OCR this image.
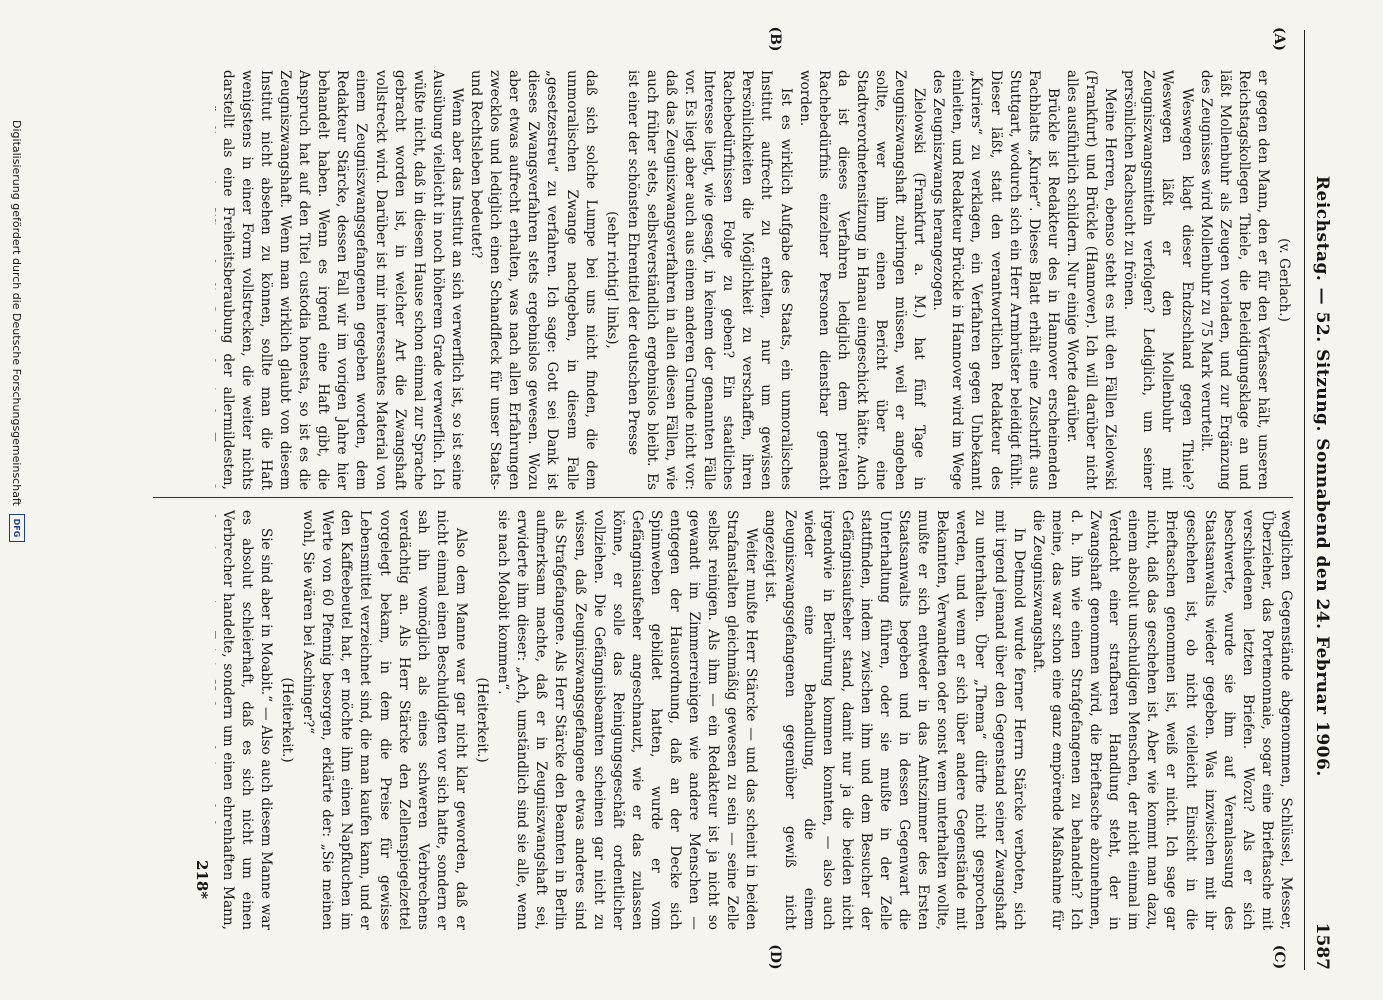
Reichstag. — 52. Sitzung. Sonnabend den 24. Februar 1906.
1587
(A)
(B)
(C)
(D)

(v. Gerlach.)

er gegen den Mann, den er für den Verfasser hält, unseren Reichstagskollegen Thiele, die Beleidigungsklage an und läßt Mollenbuhr als Zeugen vorladen, und zur Ergänzung des Zeugnisses wird Mollenbuhr zu 75 Mark verurteilt.

Weswegen klagt dieser Endzschland gegen Thiele? Weswegen läßt er den Mollenbuhr mit Zeugniszwangsmitteln verfolgen? Lediglich, um seiner persönlichen Rachsucht zu frönen.

Meine Herren, ebenso steht es mit den Fällen Zielowski (Frankfurt) und Brückle (Hannover). Ich will darüber nicht alles ausführlich schildern. Nur einige Worte darüber.

Brückle ist Redakteur des in Hannover erscheinenden Fachblatts „Kurier“. Dieses Blatt erhält eine Zuschrift aus Stuttgart, wodurch sich ein Herr Armbrüster beleidigt fühlt. Dieser läßt, statt den verantwortlichen Redakteur des „Kuriers“ zu verklagen, ein Verfahren gegen Unbekannt einleiten, und Redakteur Brückle in Hannover wird im Wege des Zeugniszwangs herangezogen.

Zielowski (Frankfurt a. M.) hat fünf Tage in Zeugniszwangshaft zubringen müssen, weil er angeben sollte, wer ihm einen Bericht über eine Stadtverordnetensitzung in Hanau eingeschickt hätte. Auch da ist dieses Verfahren lediglich dem privaten Rachebedürfnis einzelner Personen dienstbar gemacht worden.

Ist es wirklich Aufgabe des Staats, ein unmoralisches Institut aufrecht zu erhalten, nur um gewissen Persönlichkeiten die Möglichkeit zu verschaffen, ihren Rachebedürfnissen Folge zu geben? Ein staatliches Interesse liegt, wie gesagt, in keinem der genannten Fälle vor. Es liegt aber auch aus einem anderen Grunde nicht vor: daß das Zeugniszwangsverfahren in allen diesen Fällen, wie auch früher stets, selbstverständlich ergebnislos bleibt. Es ist einer der schönsten Ehrentitel der deutschen Presse

(sehr richtig! links),

daß sich solche Lumpe bei uns nicht finden, die dem unmoralischen Zwange nachgeben, in diesem Falle „gesetzestreu“ zu verfahren. Ich sage: Gott sei Dank ist dieses Zwangsverfahren stets ergebnislos gewesen. Wozu aber etwas aufrecht erhalten, was nach allen Erfahrungen zwecklos und lediglich einen Schandfleck für unser Staats- und Rechtsleben bedeutet?

Wenn aber das Institut an sich verwerflich ist, so ist seine Ausübung vielleicht in noch höherem Grade verwerflich. Ich wüßte nicht, daß in diesem Hause schon einmal zur Sprache gebracht worden ist, in welcher Art die Zwangshaft vollstreckt wird. Darüber ist mir interessantes Material von einem Zeugniszwangsgefangenen gegeben worden, dem Redakteur Stärcke, dessen Fall wir im vorigen Jahre hier behandelt haben. Wenn es irgend eine Haft gibt, die Anspruch hat auf den Titel custodia honesta, so ist es die Zeugniszwangshaft. Wenn man wirklich glaubt von diesem Institut nicht absehen zu können, sollte man die Haft wenigstens in einer Form vollstrecken, die weiter nichts darstellt als eine Freiheitsberaubung der allermildesten,

weglichen Gegenstände abgenommen, Schlüssel, Messer, Überzieher, das Portemonnaie, sogar eine Brieftasche mit verschiedenen letzten Briefen. Wozu? Als er sich beschwerte, wurde sie ihm auf Veranlassung des Staatsanwalts wieder gegeben. Was inzwischen mit ihr geschehen ist, ob nicht vielleicht Einsicht in die Brieftaschen genommen ist, weiß er nicht. Ich sage gar nicht, daß das geschehen ist. Aber wie kommt man dazu, einem absolut unschuldigen Menschen, der nicht einmal im Verdacht einer strafbaren Handlung steht, der in Zwangshaft genommen wird, die Brieftasche abzunehmen, d. h. ihn wie einen Strafgefangenen zu behandeln? Ich meine, das war schon eine ganz empörende Maßnahme für die Zeugniszwangshaft.

In Detmold wurde ferner Herrn Stärcke verboten, sich mit irgend jemand über den Gegenstand seiner Zwangshaft zu unterhalten. Über „Thema“ dürfte nicht gesprochen werden, und wenn er sich über andere Gegenstände mit Bekannten, Verwandten oder sonst wem unterhalten wollte, mußte er sich entweder in das Amtszimmer des Ersten Staatsanwalts begeben und in dessen Gegenwart die Unterhaltung führen, oder sie mußte in der Zelle stattfinden, indem zwischen ihm und dem Besucher der Gefängnisaufseher stand, damit nur ja die beiden nicht irgendwie in Berührung kommen konnten, — also auch wieder eine Behandlung, die einem Zeugniszwangsgefangenen gegenüber gewiß nicht angezeigt ist.

Weiter mußte Herr Stärcke — und das scheint in beiden Strafanstalten gleichmäßig gewesen zu sein — seine Zelle selbst reinigen. Als ihm — ein Redakteur ist ja nicht so gewandt im Zimmerreinigen wie andere Menschen — entgegen der Hausordnung, daß an der Decke sich Spinnweben gebildet hatten, wurde er vom Gefängnisaufseher angeschnauzt, wie er das zulassen könne, er solle das Reinigungsgeschäft ordentlicher vollziehen. Die Gefängnisbeamten scheinen gar nicht zu wissen, daß Zeugniszwangsgefangene etwas anderes sind als Strafgefangene. Als Herr Stärcke den Beamten in Berlin aufmerksam machte, daß er in Zeugniszwangshaft sei, erwiderte ihm dieser: „Ach, umständlich sind sie alle, wenn sie nach Moabit kommen“.

(Heiterkeit.)

Also dem Manne war gar nicht klar geworden, daß er nicht einmal einen Beschuldigten vor sich hatte, sondern er sah ihn womöglich als eines schweren Verbrechens verdächtig an. Als Herr Stärcke den Zellenspiegelzettel vorgelegt bekam, in dem die Preise für gewisse Lebensmittel verzeichnet sind, die man kaufen kann, und er den Kaffeebeutel hat, er möchte ihm einen Napfkuchen im Werte von 60 Pfennig besorgen, erklärte der: „Sie meinen wohl, Sie wären bei Aschinger?“

(Heiterkeit.)

Sie sind aber in Moabit.“ — Also auch diesem Manne war es absolut schleierhaft, daß es sich nicht um einen Verbrecher handelte, sondern um einen ehrenhaften Mann,

218*
Digitalisierung gefördert durch die Deutsche Forschungsgemeinschaft
DFG
